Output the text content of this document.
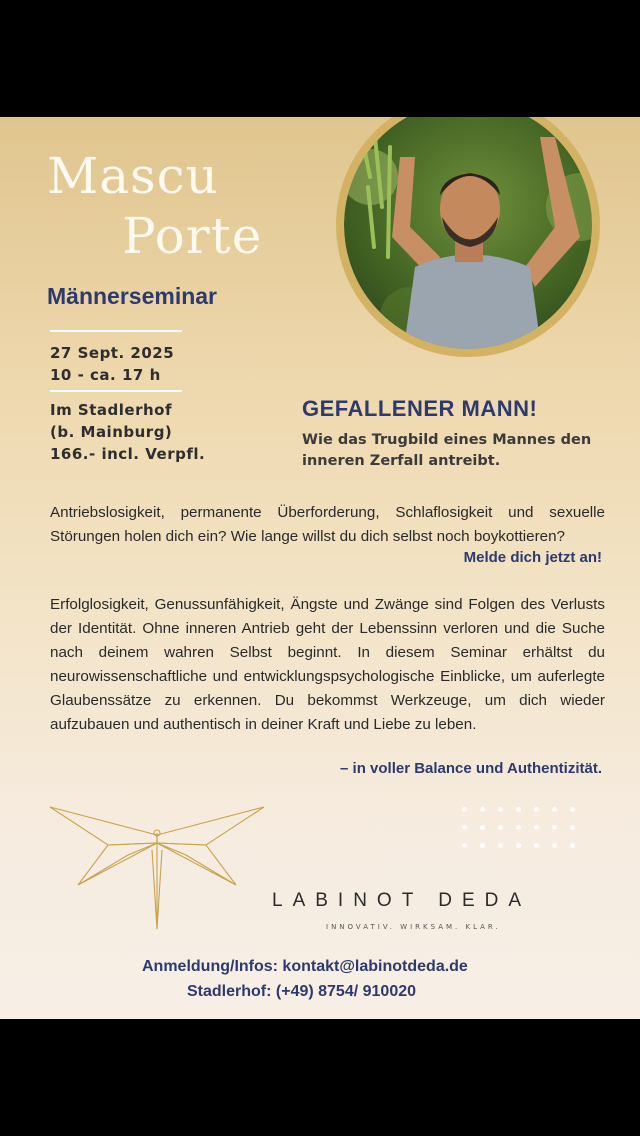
Mascu
Porte
Männerseminar
27 Sept. 2025
10 - ca. 17 h
Im Stadlerhof
(b. Mainburg)
166.- incl. Verpfl.
GEFALLENER MANN!
Wie das Trugbild eines Mannes den inneren Zerfall antreibt.

Antriebslosigkeit, permanente Überforderung, Schlaflosigkeit und sexuelle Störungen holen dich ein? Wie lange willst du dich selbst noch boykottieren?

Melde dich jetzt an!

Erfolglosigkeit, Genussunfähigkeit, Ängste und Zwänge sind Folgen des Verlusts der Identität. Ohne inneren Antrieb geht der Lebenssinn verloren und die Suche nach deinem wahren Selbst beginnt. In diesem Seminar erhältst du neurowissenschaftliche und entwicklungspsychologische Einblicke, um auferlegte Glaubenssätze zu erkennen. Du bekommst Werkzeuge, um dich wieder aufzubauen und authentisch in deiner Kraft und Liebe zu leben.

– in voller Balance und Authentizität.
LABINOT DEDA
INNOVATIV. WIRKSAM. KLAR.
Anmeldung/Infos: kontakt@labinotdeda.de
Stadlerhof: (+49) 8754/ 910020
